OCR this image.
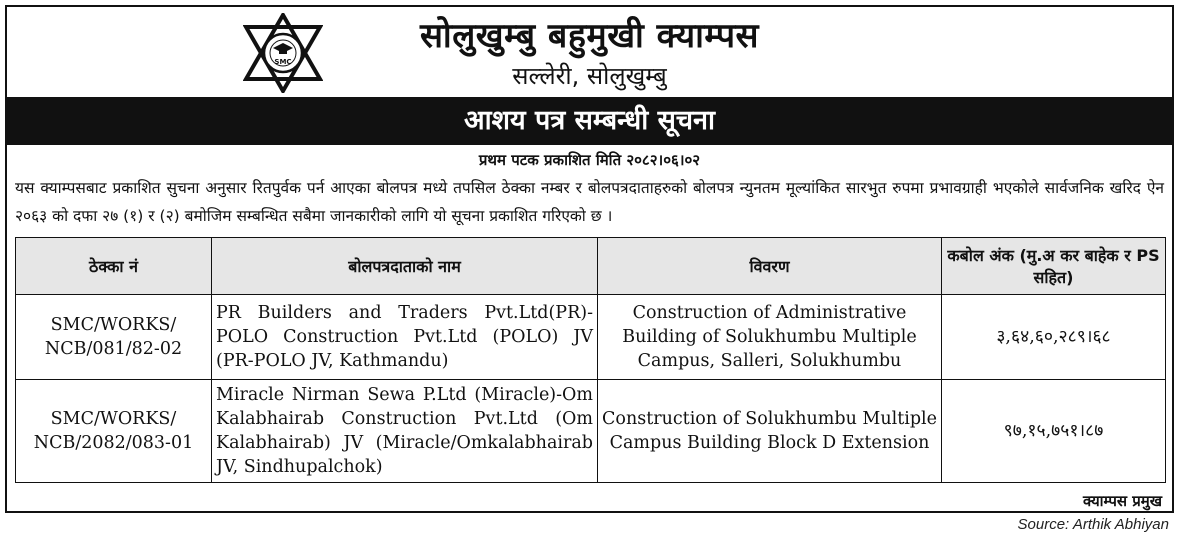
SMC
सोलुखुम्बु बहुमुखी क्याम्पस
सल्लेरी, सोलुखुम्बु
आशय पत्र सम्बन्धी सूचना
प्रथम पटक प्रकाशित मिति २०८२।०६।०२
यस क्याम्पसबाट प्रकाशित सुचना अनुसार रितपुर्वक पर्न आएका बोलपत्र मध्ये तपसिल ठेक्का नम्बर र बोलपत्रदाताहरुको बोलपत्र न्युनतम मूल्यांकित सारभुत रुपमा प्रभावग्राही भएकोले सार्वजनिक खरिद ऐन २०६३ को दफा २७ (१) र (२) बमोजिम सम्बन्धित सबैमा जानकारीको लागि यो सूचना प्रकाशित गरिएको छ ।
ठेक्का नं	बोलपत्रदाताको नाम	विवरण	कबोल अंक (मु.अ कर बाहेक र PS सहित)
SMC/WORKS/ NCB/081/82-02	PR Builders and Traders Pvt.Ltd(PR)-POLO Construction Pvt.Ltd (POLO) JV (PR-POLO JV, Kathmandu)	Construction of Administrative Building of Solukhumbu Multiple Campus, Salleri, Solukhumbu	३,६४,६०,२८९।६८
SMC/WORKS/ NCB/2082/083-01	Miracle Nirman Sewa P.Ltd (Miracle)-Om Kalabhairab Construction Pvt.Ltd (Om Kalabhairab) JV (Miracle/Omkalabhairab JV, Sindhupalchok)	Construction of Solukhumbu Multiple Campus Building Block D Extension	९७,१५,७५१।८७
क्याम्पस प्रमुख
Source: Arthik Abhiyan
